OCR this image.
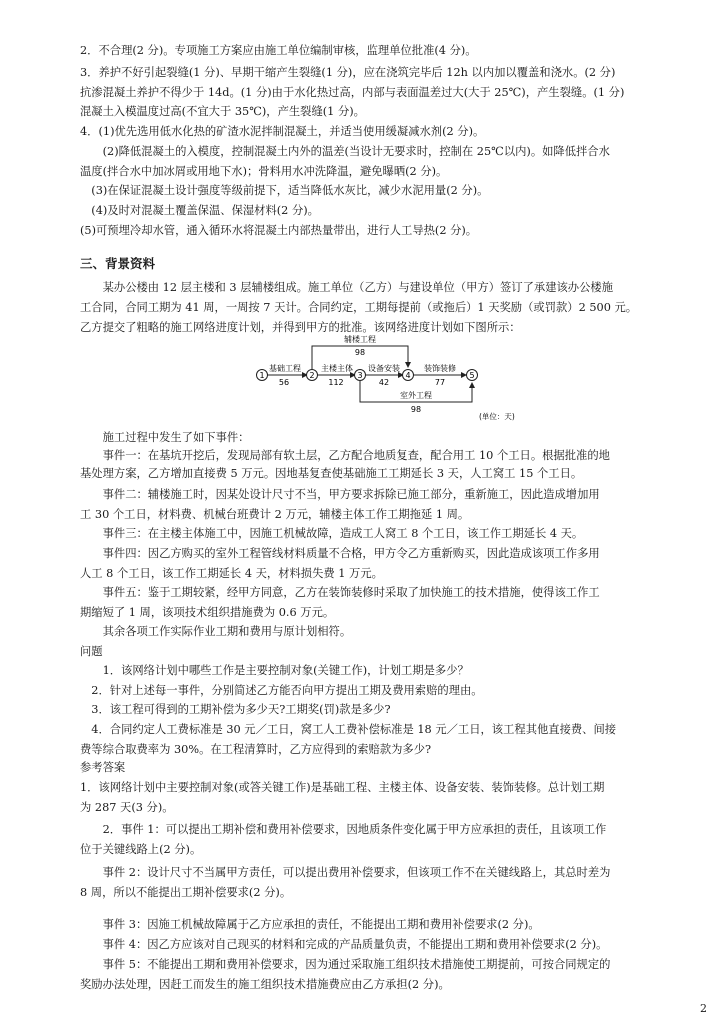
2．不合理(2 分)。专项施工方案应由施工单位编制审核，监理单位批准(4 分)。
3．养护不好引起裂缝(1 分)、早期干缩产生裂缝(1 分)，应在浇筑完毕后 12h 以内加以覆盖和浇水。(2 分)
抗渗混凝土养护不得少于 14d。(1 分)由于水化热过高，内部与表面温差过大(大于 25℃)，产生裂缝。(1 分)
混凝土入模温度过高(不宜大于 35℃)，产生裂缝(1 分)。
4．(1)优先选用低水化热的矿渣水泥拌制混凝土，并适当使用缓凝减水剂(2 分)。
　　(2)降低混凝土的入模度，控制混凝土内外的温差(当设计无要求时，控制在 25℃以内)。如降低拌合水
温度(拌合水中加冰屑或用地下水)；骨料用水冲洗降温，避免曝晒(2 分)。
　(3)在保证混凝土设计强度等级前提下，适当降低水灰比，减少水泥用量(2 分)。
　(4)及时对混凝土覆盖保温、保湿材料(2 分)。
(5)可预埋冷却水管，通入循环水将混凝土内部热量带出，进行人工导热(2 分)。
三、背景资料
　　某办公楼由 12 层主楼和 3 层辅楼组成。施工单位（乙方）与建设单位（甲方）签订了承建该办公楼施
工合同，合同工期为 41 周，一周按 7 天计。合同约定，工期每提前（或拖后）1 天奖励（或罚款）2 500 元。
乙方提交了粗略的施工网络进度计划，并得到甲方的批准。该网络进度计划如下图所示：
1	2	3	4	5
基础工程
56
主楼主体
112
设备安装
42
装饰装修
77
辅楼工程
98
室外工程
98
(单位：天)
　　施工过程中发生了如下事件：
　　事件一：在基坑开挖后，发现局部有软土层，乙方配合地质复查，配合用工 10 个工日。根据批准的地
基处理方案，乙方增加直接费 5 万元。因地基复查使基础施工工期延长 3 天，人工窝工 15 个工日。
　　事件二：辅楼施工时，因某处设计尺寸不当，甲方要求拆除已施工部分，重新施工，因此造成增加用
工 30 个工日，材料费、机械台班费计 2 万元，辅楼主体工作工期拖延 1 周。
　　事件三：在主楼主体施工中，因施工机械故障，造成工人窝工 8 个工日，该工作工期延长 4 天。
　　事件四：因乙方购买的室外工程管线材料质量不合格，甲方令乙方重新购买，因此造成该项工作多用
人工 8 个工日，该工作工期延长 4 天，材料损失费 1 万元。
　　事件五：鉴于工期较紧，经甲方同意，乙方在装饰装修时采取了加快施工的技术措施，使得该工作工
期缩短了 1 周，该项技术组织措施费为 0.6 万元。
　　其余各项工作实际作业工期和费用与原计划相符。
问题
　　1．该网络计划中哪些工作是主要控制对象(关键工作)，计划工期是多少？
　2．针对上述每一事件，分别简述乙方能否向甲方提出工期及费用索赔的理由。
　3．该工程可得到的工期补偿为多少天?工期奖(罚)款是多少?
　4．合同约定人工费标准是 30 元／工日，窝工人工费补偿标准是 18 元／工日，该工程其他直接费、间接
费等综合取费率为 30%。在工程清算时，乙方应得到的索赔款为多少?
参考答案
1．该网络计划中主要控制对象(或答关键工作)是基础工程、主楼主体、设备安装、装饰装修。总计划工期
为 287 天(3 分)。
　　2．事件 1：可以提出工期补偿和费用补偿要求，因地质条件变化属于甲方应承担的责任，且该项工作
位于关键线路上(2 分)。
　　事件 2：设计尺寸不当属甲方责任，可以提出费用补偿要求，但该项工作不在关键线路上，其总时差为
8 周，所以不能提出工期补偿要求(2 分)。
　　事件 3：因施工机械故障属于乙方应承担的责任，不能提出工期和费用补偿要求(2 分)。
　　事件 4：因乙方应该对自己现买的材料和完成的产品质量负责，不能提出工期和费用补偿要求(2 分)。
　　事件 5：不能提出工期和费用补偿要求，因为通过采取施工组织技术措施使工期提前，可按合同规定的
奖励办法处理，因赶工而发生的施工组织技术措施费应由乙方承担(2 分)。
2
